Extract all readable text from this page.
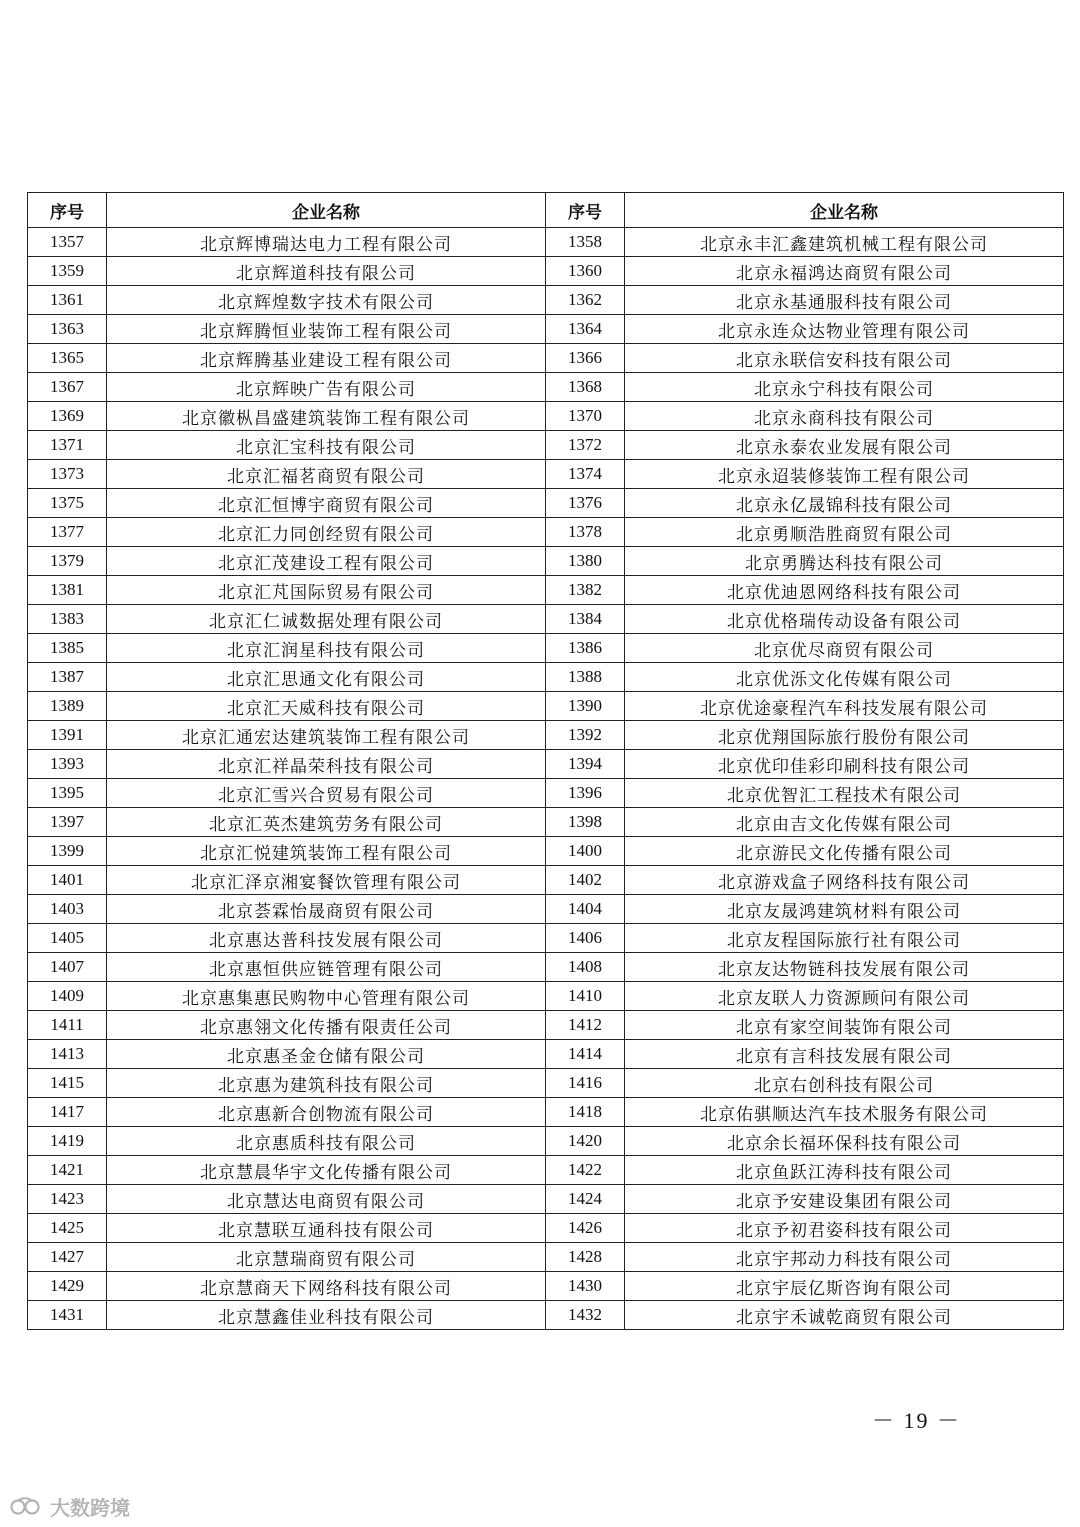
序号	企业名称	序号	企业名称
1357	北京辉博瑞达电力工程有限公司	1358	北京永丰汇鑫建筑机械工程有限公司
1359	北京辉道科技有限公司	1360	北京永福鸿达商贸有限公司
1361	北京辉煌数字技术有限公司	1362	北京永基通服科技有限公司
1363	北京辉腾恒业装饰工程有限公司	1364	北京永连众达物业管理有限公司
1365	北京辉腾基业建设工程有限公司	1366	北京永联信安科技有限公司
1367	北京辉映广告有限公司	1368	北京永宁科技有限公司
1369	北京徽枞昌盛建筑装饰工程有限公司	1370	北京永商科技有限公司
1371	北京汇宝科技有限公司	1372	北京永泰农业发展有限公司
1373	北京汇福茗商贸有限公司	1374	北京永迢装修装饰工程有限公司
1375	北京汇恒博宇商贸有限公司	1376	北京永亿晟锦科技有限公司
1377	北京汇力同创经贸有限公司	1378	北京勇顺浩胜商贸有限公司
1379	北京汇茂建设工程有限公司	1380	北京勇腾达科技有限公司
1381	北京汇芃国际贸易有限公司	1382	北京优迪恩网络科技有限公司
1383	北京汇仁诚数据处理有限公司	1384	北京优格瑞传动设备有限公司
1385	北京汇润星科技有限公司	1386	北京优尽商贸有限公司
1387	北京汇思通文化有限公司	1388	北京优泺文化传媒有限公司
1389	北京汇天威科技有限公司	1390	北京优途豪程汽车科技发展有限公司
1391	北京汇通宏达建筑装饰工程有限公司	1392	北京优翔国际旅行股份有限公司
1393	北京汇祥晶荣科技有限公司	1394	北京优印佳彩印刷科技有限公司
1395	北京汇雪兴合贸易有限公司	1396	北京优智汇工程技术有限公司
1397	北京汇英杰建筑劳务有限公司	1398	北京由吉文化传媒有限公司
1399	北京汇悦建筑装饰工程有限公司	1400	北京游民文化传播有限公司
1401	北京汇泽京湘宴餐饮管理有限公司	1402	北京游戏盒子网络科技有限公司
1403	北京荟霖怡晟商贸有限公司	1404	北京友晟鸿建筑材料有限公司
1405	北京惠达普科技发展有限公司	1406	北京友程国际旅行社有限公司
1407	北京惠恒供应链管理有限公司	1408	北京友达物链科技发展有限公司
1409	北京惠集惠民购物中心管理有限公司	1410	北京友联人力资源顾问有限公司
1411	北京惠翎文化传播有限责任公司	1412	北京有家空间装饰有限公司
1413	北京惠圣金仓储有限公司	1414	北京有言科技发展有限公司
1415	北京惠为建筑科技有限公司	1416	北京右创科技有限公司
1417	北京惠新合创物流有限公司	1418	北京佑骐顺达汽车技术服务有限公司
1419	北京惠质科技有限公司	1420	北京余长福环保科技有限公司
1421	北京慧晨华宇文化传播有限公司	1422	北京鱼跃江涛科技有限公司
1423	北京慧达电商贸有限公司	1424	北京予安建设集团有限公司
1425	北京慧联互通科技有限公司	1426	北京予初君姿科技有限公司
1427	北京慧瑞商贸有限公司	1428	北京宇邦动力科技有限公司
1429	北京慧商天下网络科技有限公司	1430	北京宇辰亿斯咨询有限公司
1431	北京慧鑫佳业科技有限公司	1432	北京宇禾诚乾商贸有限公司
－ 19 －
大数跨境
